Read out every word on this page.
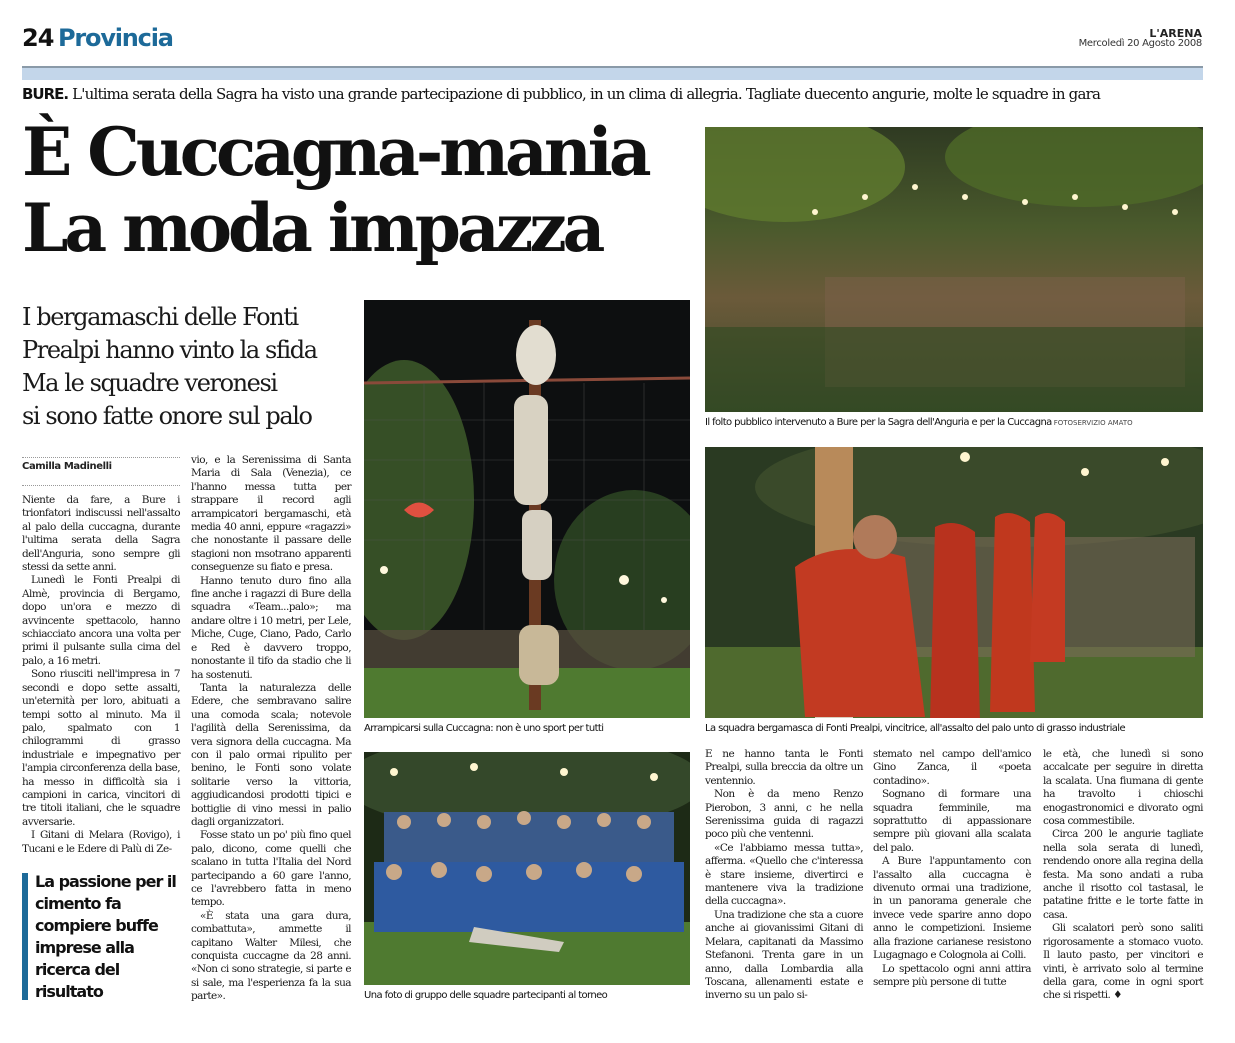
24 Provincia	L'ARENA
Mercoledì 20 Agosto 2008
BURE. L'ultima serata della Sagra ha visto una grande partecipazione di pubblico, in un clima di allegria. Tagliate duecento angurie, molte le squadre in gara
È Cuccagna-mania
La moda impazza
I bergamaschi delle Fonti
Prealpi hanno vinto la sfida
Ma le squadre veronesi
si sono fatte onore sul palo
Camilla Madinelli

Niente da fare, a Bure i trionfatori indiscussi nell'assalto al palo della cuccagna, durante l'ultima serata della Sagra dell'Anguria, sono sempre gli stessi da sette anni.

Lunedì le Fonti Prealpi di Almè, provincia di Bergamo, dopo un'ora e mezzo di avvincente spettacolo, hanno schiacciato ancora una volta per primi il pulsante sulla cima del palo, a 16 metri.

Sono riusciti nell'impresa in 7 secondi e dopo sette assalti, un'eternità per loro, abituati a tempi sotto al minuto. Ma il palo, spalmato con 1 chilogrammi di grasso industriale e impegnativo per l'ampia circonferenza della base, ha messo in difficoltà sia i campioni in carica, vincitori di tre titoli italiani, che le squadre avversarie.

I Gitani di Melara (Rovigo), i Tucani e le Edere di Palù di Ze-

La passione per il cimento fa compiere buffe imprese alla ricerca del risultato

vio, e la Serenissima di Santa Maria di Sala (Venezia), ce l'hanno messa tutta per strappare il record agli arrampicatori bergamaschi, età media 40 anni, eppure «ragazzi» che nonostante il passare delle stagioni non msotrano apparenti conseguenze su fiato e presa.

Hanno tenuto duro fino alla fine anche i ragazzi di Bure della squadra «Team...palo»; ma andare oltre i 10 metri, per Lele, Miche, Cuge, Ciano, Pado, Carlo e Red è davvero troppo, nonostante il tifo da stadio che li ha sostenuti.

Tanta la naturalezza delle Edere, che sembravano salire una comoda scala; notevole l'agilità della Serenissima, da vera signora della cuccagna. Ma con il palo ormai ripulito per benino, le Fonti sono volate solitarie verso la vittoria, aggiudicandosi prodotti tipici e bottiglie di vino messi in palio dagli organizzatori.

Fosse stato un po' più fino quel palo, dicono, come quelli che scalano in tutta l'Italia del Nord partecipando a 60 gare l'anno, ce l'avrebbero fatta in meno tempo.

«È stata una gara dura, combattuta», ammette il capitano Walter Milesi, che conquista cuccagne da 28 anni. «Non ci sono strategie, si parte e si sale, ma l'esperienza fa la sua parte».

Il folto pubblico intervenuto a Bure per la Sagra dell'Anguria e per la Cuccagna FOTOSERVIZIO AMATO
Arrampicarsi sulla Cuccagna: non è uno sport per tutti	La squadra bergamasca di Fonti Prealpi, vincitrice, all'assalto del palo unto di grasso industriale
Una foto di gruppo delle squadre partecipanti al torneo

E ne hanno tanta le Fonti Prealpi, sulla breccia da oltre un ventennio.

Non è da meno Renzo Pierobon, 3 anni, c he nella Serenissima guida di ragazzi poco più che ventenni.

«Ce l'abbiamo messa tutta», afferma. «Quello che c'interessa è stare insieme, divertirci e mantenere viva la tradizione della cuccagna».

Una tradizione che sta a cuore anche ai giovanissimi Gitani di Melara, capitanati da Massimo Stefanoni. Trenta gare in un anno, dalla Lombardia alla Toscana, allenamenti estate e inverno su un palo si-

stemato nel campo dell'amico Gino Zanca, il «poeta contadino».

Sognano di formare una squadra femminile, ma soprattutto di appassionare sempre più giovani alla scalata del palo.

A Bure l'appuntamento con l'assalto alla cuccagna è divenuto ormai una tradizione, in un panorama generale che invece vede sparire anno dopo anno le competizioni. Insieme alla frazione carianese resistono Lugagnago e Colognola ai Colli.

Lo spettacolo ogni anni attira sempre più persone di tutte

le età, che lunedì si sono accalcate per seguire in diretta la scalata. Una fiumana di gente ha travolto i chioschi enogastronomici e divorato ogni cosa commestibile.

Circa 200 le angurie tagliate nella sola serata di lunedì, rendendo onore alla regina della festa. Ma sono andati a ruba anche il risotto col tastasal, le patatine fritte e le torte fatte in casa.

Gli scalatori però sono saliti rigorosamente a stomaco vuoto. Il lauto pasto, per vincitori e vinti, è arrivato solo al termine della gara, come in ogni sport che si rispetti. ♦
